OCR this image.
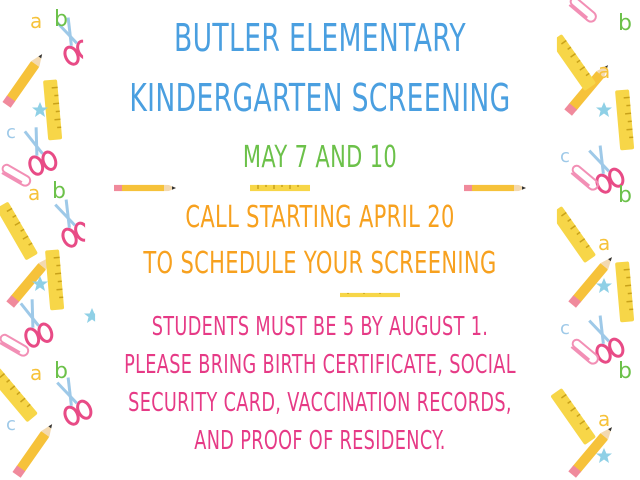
a b
a b
a b
c
c
b
a
c
b
a
c
b
a
BUTLER ELEMENTARY
KINDERGARTEN SCREENING
MAY 7 AND 10
CALL STARTING APRIL 20
TO SCHEDULE YOUR SCREENING
STUDENTS MUST BE 5 BY AUGUST 1.
PLEASE BRING BIRTH CERTIFICATE, SOCIAL
SECURITY CARD, VACCINATION RECORDS,
AND PROOF OF RESIDENCY.
